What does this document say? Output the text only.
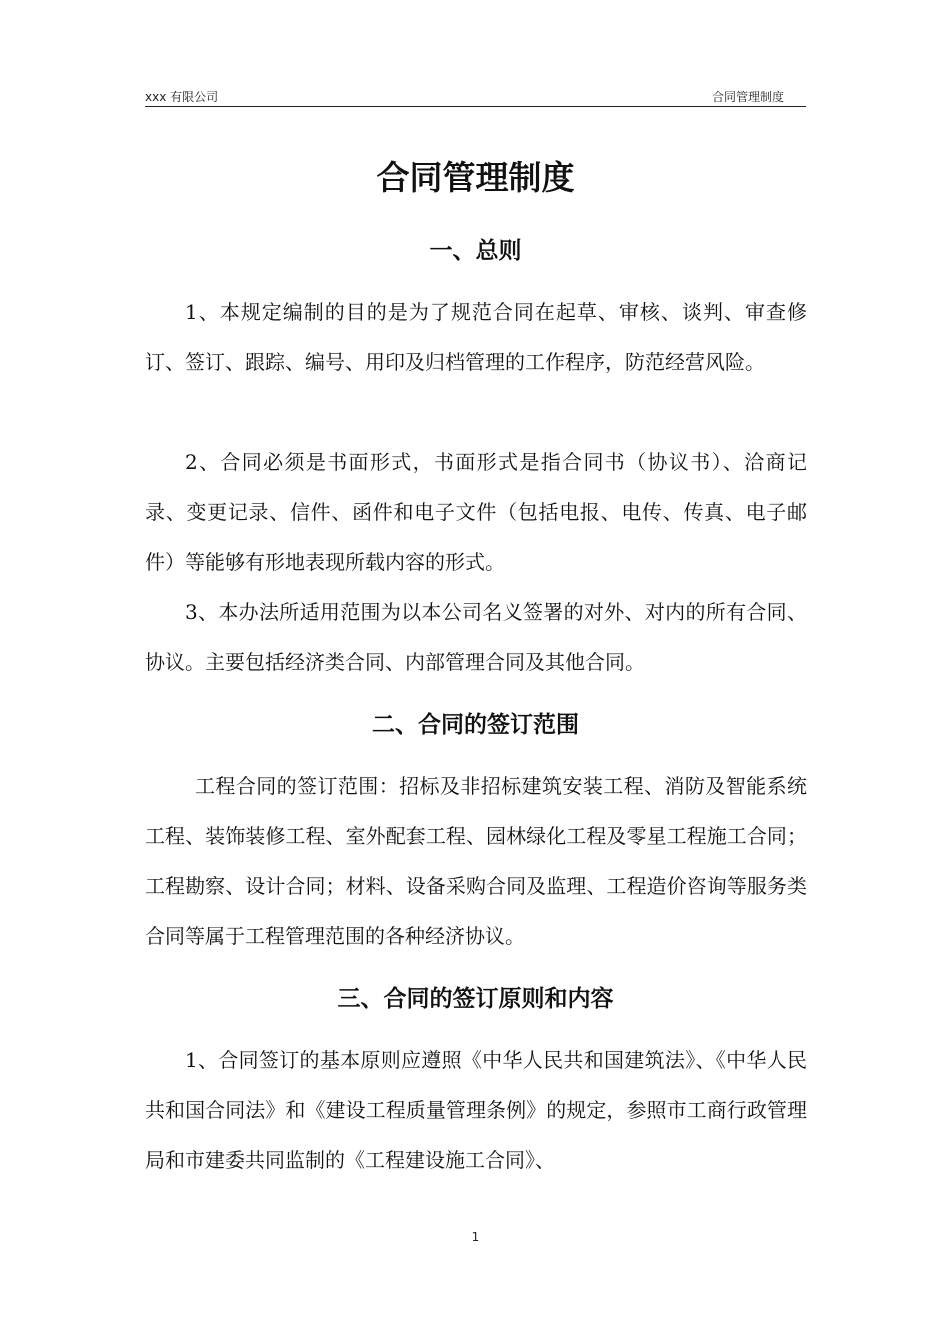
xxx 有限公司	合同管理制度
合同管理制度
一、总则

1、本规定编制的目的是为了规范合同在起草、审核、谈判、审查修订、签订、跟踪、编号、用印及归档管理的工作程序，防范经营风险。

2、合同必须是书面形式，书面形式是指合同书（协议书）、洽商记录、变更记录、信件、函件和电子文件（包括电报、电传、传真、电子邮件）等能够有形地表现所载内容的形式。

3、本办法所适用范围为以本公司名义签署的对外、对内的所有合同、协议。主要包括经济类合同、内部管理合同及其他合同。

二、合同的签订范围

工程合同的签订范围：招标及非招标建筑安装工程、消防及智能系统工程、装饰装修工程、室外配套工程、园林绿化工程及零星工程施工合同；工程勘察、设计合同；材料、设备采购合同及监理、工程造价咨询等服务类合同等属于工程管理范围的各种经济协议。

三、合同的签订原则和内容

1、合同签订的基本原则应遵照《中华人民共和国建筑法》、《中华人民共和国合同法》和《建设工程质量管理条例》的规定，参照市工商行政管理局和市建委共同监制的《工程建设施工合同》、

1
